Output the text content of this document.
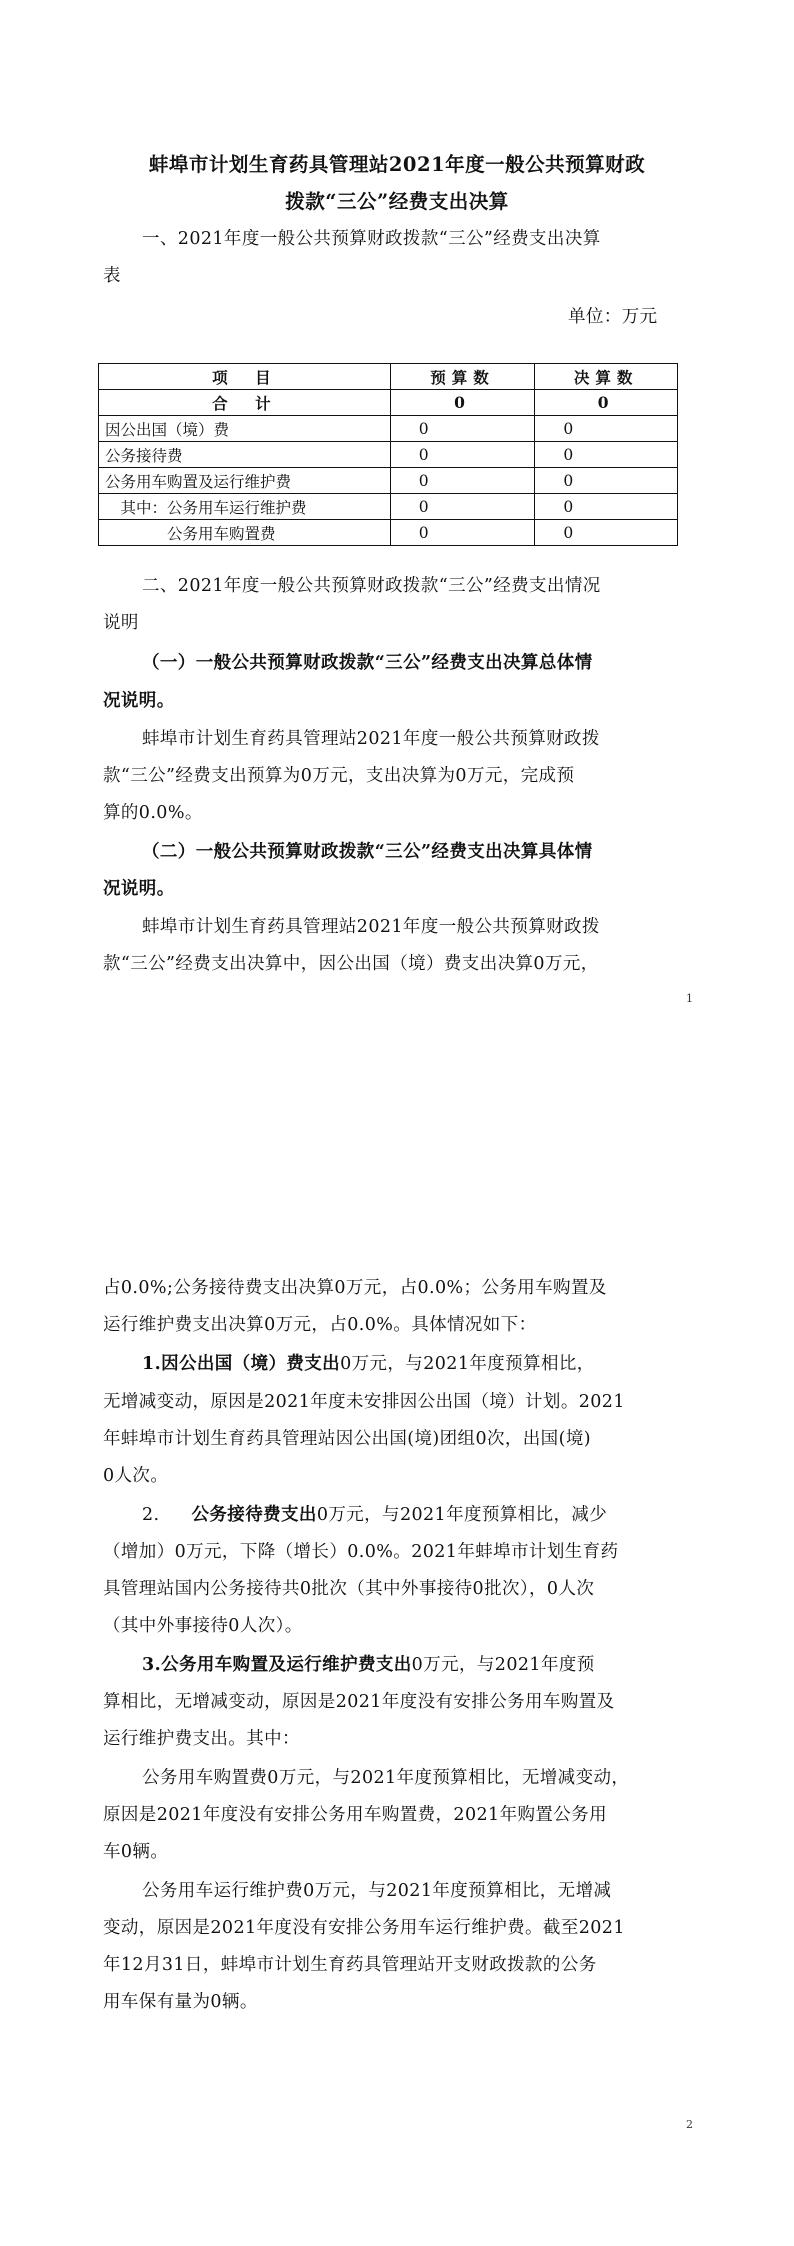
蚌埠市计划生育药具管理站2021年度一般公共预算财政
拨款“三公”经费支出决算
一、2021年度一般公共预算财政拨款“三公”经费支出决算
表
单位：万元
项　目	预算数	决算数
合　计	0	0
因公出国（境）费	0	0
公务接待费	0	0
公务用车购置及运行维护费	0	0
　其中：公务用车运行维护费	0	0
　　　　公务用车购置费	0	0
二、2021年度一般公共预算财政拨款“三公”经费支出情况
说明
（一）一般公共预算财政拨款“三公”经费支出决算总体情
况说明。
蚌埠市计划生育药具管理站2021年度一般公共预算财政拨
款“三公”经费支出预算为0万元，支出决算为0万元，完成预
算的0.0%。
（二）一般公共预算财政拨款“三公”经费支出决算具体情
况说明。
蚌埠市计划生育药具管理站2021年度一般公共预算财政拨
款“三公”经费支出决算中，因公出国（境）费支出决算0万元，
1
占0.0%;公务接待费支出决算0万元，占0.0%；公务用车购置及
运行维护费支出决算0万元，占0.0%。具体情况如下：
1.因公出国（境）费支出0万元，与2021年度预算相比，
无增减变动，原因是2021年度未安排因公出国（境）计划。2021
年蚌埠市计划生育药具管理站因公出国(境)团组0次，出国(境)
0人次。
2. 公务接待费支出0万元，与2021年度预算相比，减少
（增加）0万元，下降（增长）0.0%。2021年蚌埠市计划生育药
具管理站国内公务接待共0批次（其中外事接待0批次），0人次
（其中外事接待0人次）。
3.公务用车购置及运行维护费支出0万元，与2021年度预
算相比，无增减变动，原因是2021年度没有安排公务用车购置及
运行维护费支出。其中：
公务用车购置费0万元，与2021年度预算相比，无增减变动，
原因是2021年度没有安排公务用车购置费，2021年购置公务用
车0辆。
公务用车运行维护费0万元，与2021年度预算相比，无增减
变动，原因是2021年度没有安排公务用车运行维护费。截至2021
年12月31日，蚌埠市计划生育药具管理站开支财政拨款的公务
用车保有量为0辆。
2
